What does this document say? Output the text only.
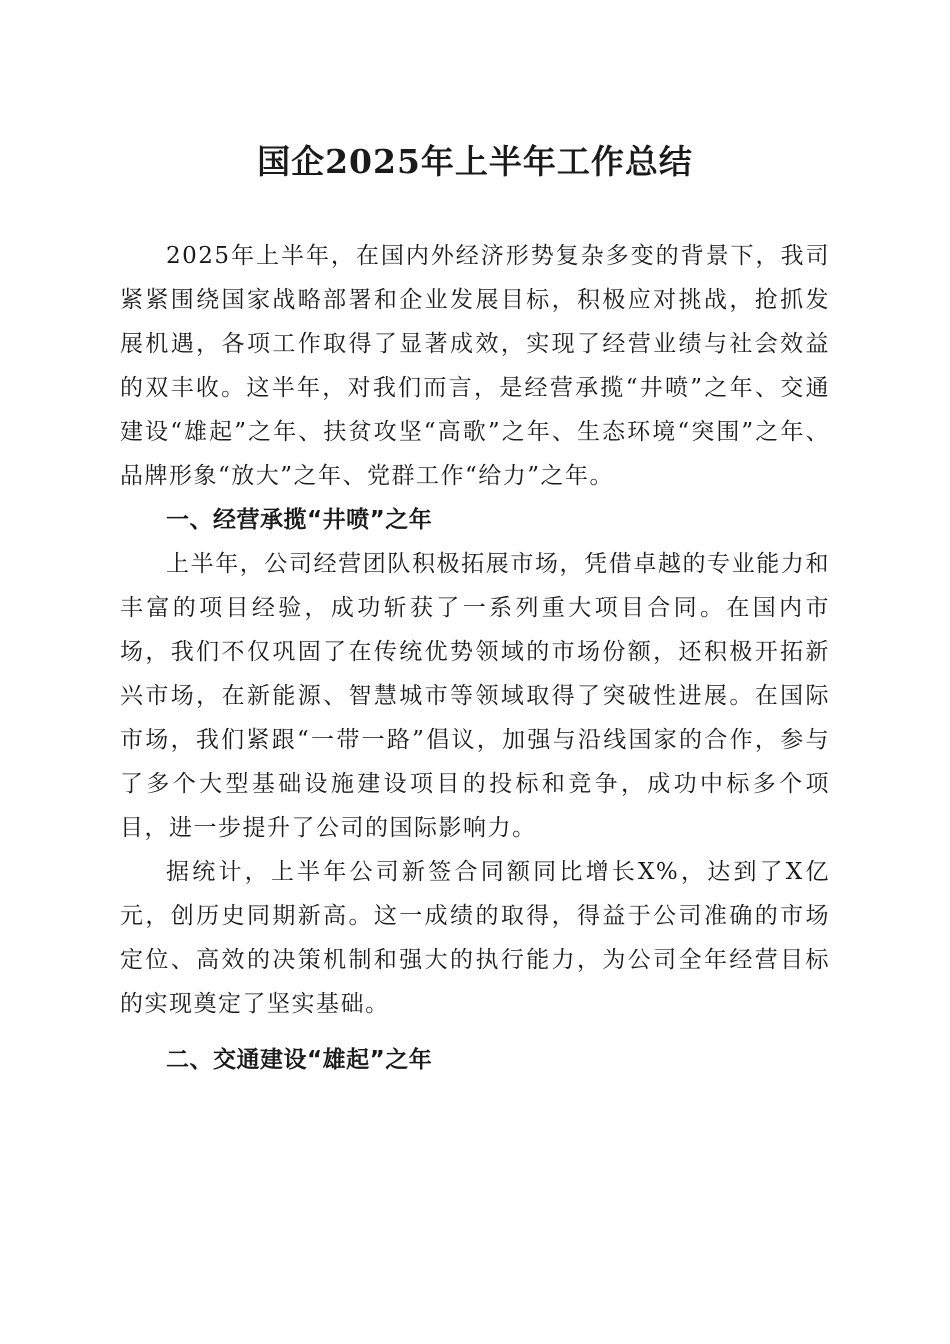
国企2025年上半年工作总结

2025年上半年，在国内外经济形势复杂多变的背景下，我司紧紧围绕国家战略部署和企业发展目标，积极应对挑战，抢抓发展机遇，各项工作取得了显著成效，实现了经营业绩与社会效益的双丰收。这半年，对我们而言，是经营承揽“井喷”之年、交通建设“雄起”之年、扶贫攻坚“高歌”之年、生态环境“突围”之年、品牌形象“放大”之年、党群工作“给力”之年。

一、经营承揽“井喷”之年

上半年，公司经营团队积极拓展市场，凭借卓越的专业能力和丰富的项目经验，成功斩获了一系列重大项目合同。在国内市场，我们不仅巩固了在传统优势领域的市场份额，还积极开拓新兴市场，在新能源、智慧城市等领域取得了突破性进展。在国际市场，我们紧跟“一带一路”倡议，加强与沿线国家的合作，参与了多个大型基础设施建设项目的投标和竞争，成功中标多个项目，进一步提升了公司的国际影响力。

据统计，上半年公司新签合同额同比增长X%，达到了X亿元，创历史同期新高。这一成绩的取得，得益于公司准确的市场定位、高效的决策机制和强大的执行能力，为公司全年经营目标的实现奠定了坚实基础。

二、交通建设“雄起”之年
